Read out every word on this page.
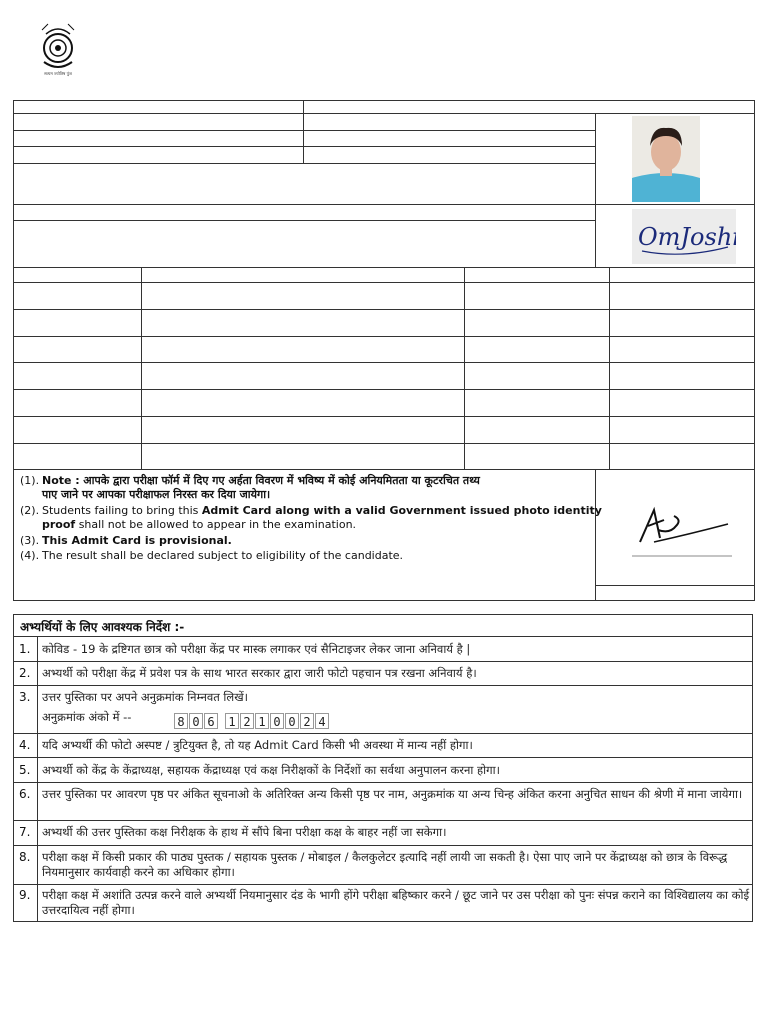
सत्यम ज्योतिष पुंज
OmJoshi
(1). Note : आपके द्वारा परीक्षा फॉर्म में दिए गए अर्हता विवरण में भविष्य में कोई अनियमितता या कूटरचित तथ्य
पाए जाने पर आपका परीक्षाफल निरस्त कर दिया जायेगा।
(2). Students failing to bring this Admit Card along with a valid Government issued photo identity
proof shall not be allowed to appear in the examination.
(3). This Admit Card is provisional.
(4). The result shall be declared subject to eligibility of the candidate.
अभ्यर्थियों के लिए आवश्यक निर्देश :-
1.	कोविड - 19 के द्रष्टिगत छात्र को परीक्षा केंद्र पर मास्क लगाकर एवं सैनिटाइजर लेकर जाना अनिवार्य है |
2.	अभ्यर्थी को परीक्षा केंद्र में प्रवेश पत्र के साथ भारत सरकार द्वारा जारी फोटो पहचान पत्र रखना अनिवार्य है।
3.	उत्तर पुस्तिका पर अपने अनुक्रमांक निम्नवत लिखें।
अनुक्रमांक अंको में --	8 0 6 1 2 1 0 0 2 4
4.	यदि अभ्यर्थी की फोटो अस्पष्ट / त्रुटियुक्त है, तो यह Admit Card किसी भी अवस्था में मान्य नहीं होगा।
5.	अभ्यर्थी को केंद्र के केंद्राध्यक्ष, सहायक केंद्राध्यक्ष एवं कक्ष निरीक्षकों के निर्देशों का सर्वथा अनुपालन करना होगा।
6.	उत्तर पुस्तिका पर आवरण पृष्ठ पर अंकित सूचनाओ के अतिरिक्त अन्य किसी पृष्ठ पर नाम, अनुक्रमांक या अन्य चिन्ह अंकित करना अनुचित साधन की श्रेणी में माना जायेगा।
7.	अभ्यर्थी की उत्तर पुस्तिका कक्ष निरीक्षक के हाथ में सौंपे बिना परीक्षा कक्ष के बाहर नहीं जा सकेगा।
8.	परीक्षा कक्ष में किसी प्रकार की पाठ्य पुस्तक / सहायक पुस्तक / मोबाइल / कैलकुलेटर इत्यादि नहीं लायी जा सकती है। ऐसा पाए जाने पर केंद्राध्यक्ष को छात्र के विरूद्ध नियमानुसार कार्यवाही करने का अधिकार होगा।
9.	परीक्षा कक्ष में अशांति उत्पन्न करने वाले अभ्यर्थी नियमानुसार दंड के भागी होंगे परीक्षा बहिष्कार करने / छूट जाने पर उस परीक्षा को पुनः संपन्न कराने का विश्विद्यालय का कोई उत्तरदायित्व नहीं होगा।
